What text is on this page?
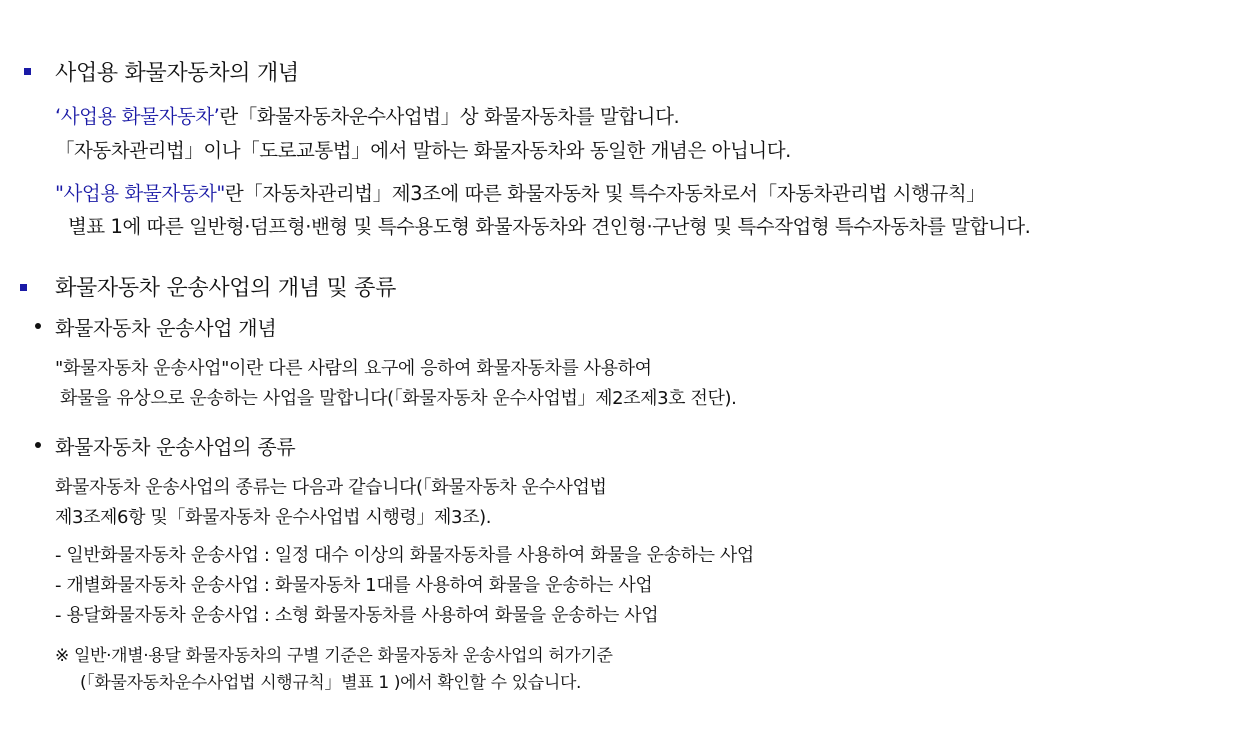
사업용 화물자동차의 개념
‘사업용 화물자동차’란「화물자동차운수사업법」상 화물자동차를 말합니다.
「자동차관리법」이나「도로교통법」에서 말하는 화물자동차와 동일한 개념은 아닙니다.
"사업용 화물자동차"란「자동차관리법」제3조에 따른 화물자동차 및 특수자동차로서「자동차관리법 시행규칙」
별표 1에 따른 일반형·덤프형·밴형 및 특수용도형 화물자동차와 견인형·구난형 및 특수작업형 특수자동차를 말합니다.
화물자동차 운송사업의 개념 및 종류
화물자동차 운송사업 개념
"화물자동차 운송사업"이란 다른 사람의 요구에 응하여 화물자동차를 사용하여
화물을 유상으로 운송하는 사업을 말합니다(「화물자동차 운수사업법」제2조제3호 전단).
화물자동차 운송사업의 종류
화물자동차 운송사업의 종류는 다음과 같습니다(「화물자동차 운수사업법
제3조제6항 및「화물자동차 운수사업법 시행령」제3조).
- 일반화물자동차 운송사업 : 일정 대수 이상의 화물자동차를 사용하여 화물을 운송하는 사업
- 개별화물자동차 운송사업 : 화물자동차 1대를 사용하여 화물을 운송하는 사업
- 용달화물자동차 운송사업 : 소형 화물자동차를 사용하여 화물을 운송하는 사업
※ 일반·개별·용달 화물자동차의 구별 기준은 화물자동차 운송사업의 허가기준
(「화물자동차운수사업법 시행규칙」별표 1 )에서 확인할 수 있습니다.
